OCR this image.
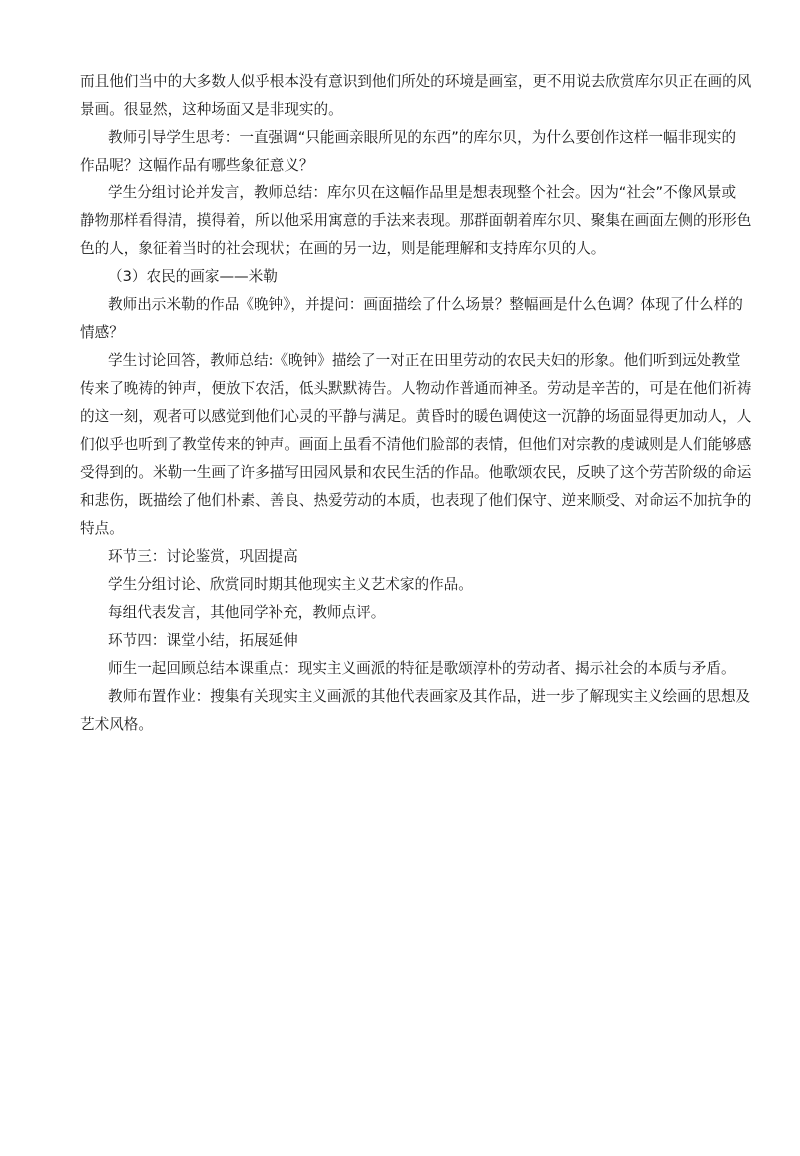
而且他们当中的大多数人似乎根本没有意识到他们所处的环境是画室，更不用说去欣赏库尔贝正在画的风
景画。很显然，这种场面又是非现实的。
教师引导学生思考：一直强调“只能画亲眼所见的东西”的库尔贝，为什么要创作这样一幅非现实的
作品呢？这幅作品有哪些象征意义？
学生分组讨论并发言，教师总结：库尔贝在这幅作品里是想表现整个社会。因为“社会”不像风景或
静物那样看得清，摸得着，所以他采用寓意的手法来表现。那群面朝着库尔贝、聚集在画面左侧的形形色
色的人，象征着当时的社会现状；在画的另一边，则是能理解和支持库尔贝的人。
（3）农民的画家——米勒
教师出示米勒的作品《晚钟》，并提问：画面描绘了什么场景？整幅画是什么色调？体现了什么样的
情感？
学生讨论回答，教师总结:《晚钟》描绘了一对正在田里劳动的农民夫妇的形象。他们听到远处教堂
传来了晚祷的钟声，便放下农活，低头默默祷告。人物动作普通而神圣。劳动是辛苦的，可是在他们祈祷
的这一刻，观者可以感觉到他们心灵的平静与满足。黄昏时的暖色调使这一沉静的场面显得更加动人，人
们似乎也听到了教堂传来的钟声。画面上虽看不清他们脸部的表情，但他们对宗教的虔诚则是人们能够感
受得到的。米勒一生画了许多描写田园风景和农民生活的作品。他歌颂农民，反映了这个劳苦阶级的命运
和悲伤，既描绘了他们朴素、善良、热爱劳动的本质，也表现了他们保守、逆来顺受、对命运不加抗争的
特点。
环节三：讨论鉴赏，巩固提高
学生分组讨论、欣赏同时期其他现实主义艺术家的作品。
每组代表发言，其他同学补充，教师点评。
环节四：课堂小结，拓展延伸
师生一起回顾总结本课重点：现实主义画派的特征是歌颂淳朴的劳动者、揭示社会的本质与矛盾。
教师布置作业：搜集有关现实主义画派的其他代表画家及其作品，进一步了解现实主义绘画的思想及
艺术风格。
